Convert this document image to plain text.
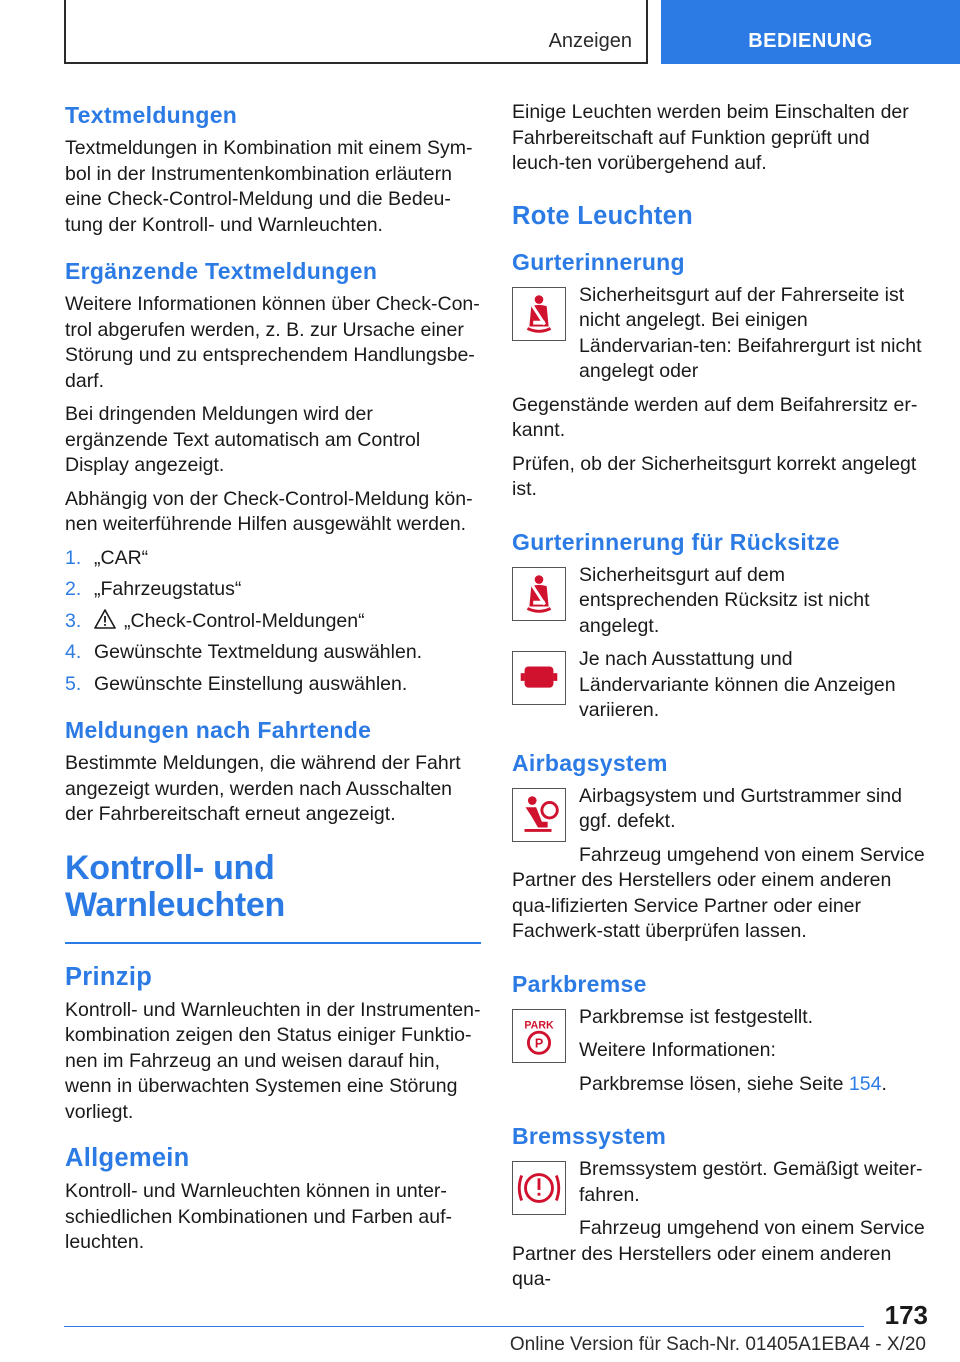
Anzeigen	BEDIENUNG
Textmeldungen

Textmeldungen in Kombination mit einem Sym-bol in der Instrumentenkombination erläutern eine Check-Control-Meldung und die Bedeu-tung der Kontroll- und Warnleuchten.

Ergänzende Textmeldungen

Weitere Informationen können über Check-Con-trol abgerufen werden, z. B. zur Ursache einer Störung und zu entsprechendem Handlungsbe-darf.

Bei dringenden Meldungen wird der ergänzende Text automatisch am Control Display angezeigt.

Abhängig von der Check-Control-Meldung kön-nen weiterführende Hilfen ausgewählt werden.

1. „CAR“
2. „Fahrzeugstatus“
3. „Check-Control-Meldungen“
4. Gewünschte Textmeldung auswählen.
5. Gewünschte Einstellung auswählen.
Meldungen nach Fahrtende

Bestimmte Meldungen, die während der Fahrt angezeigt wurden, werden nach Ausschalten der Fahrbereitschaft erneut angezeigt.

Kontroll- und
Warnleuchten
Prinzip

Kontroll- und Warnleuchten in der Instrumenten-kombination zeigen den Status einiger Funktio-nen im Fahrzeug an und weisen darauf hin, wenn in überwachten Systemen eine Störung vorliegt.

Allgemein

Kontroll- und Warnleuchten können in unter-schiedlichen Kombinationen und Farben auf-leuchten.

Einige Leuchten werden beim Einschalten der Fahrbereitschaft auf Funktion geprüft und leuch-ten vorübergehend auf.

Rote Leuchten
Gurterinnerung

Sicherheitsgurt auf der Fahrerseite ist nicht angelegt. Bei einigen Ländervarian-ten: Beifahrergurt ist nicht angelegt oder

Gegenstände werden auf dem Beifahrersitz er-kannt.

Prüfen, ob der Sicherheitsgurt korrekt angelegt ist.

Gurterinnerung für Rücksitze

Sicherheitsgurt auf dem entsprechenden Rücksitz ist nicht angelegt.

Je nach Ausstattung und Ländervariante können die Anzeigen variieren.

Airbagsystem

Airbagsystem und Gurtstrammer sind ggf. defekt.

Fahrzeug umgehend von einem Service

Partner des Herstellers oder einem anderen qua-lifizierten Service Partner oder einer Fachwerk-statt überprüfen lassen.

Parkbremse
PARK
P

Parkbremse ist festgestellt.

Weitere Informationen:

Parkbremse lösen, siehe Seite 154.

Bremssystem

Bremssystem gestört. Gemäßigt weiter-fahren.

Fahrzeug umgehend von einem Service

Partner des Herstellers oder einem anderen qua-

173
Online Version für Sach-Nr. 01405A1EBA4 - X/20
